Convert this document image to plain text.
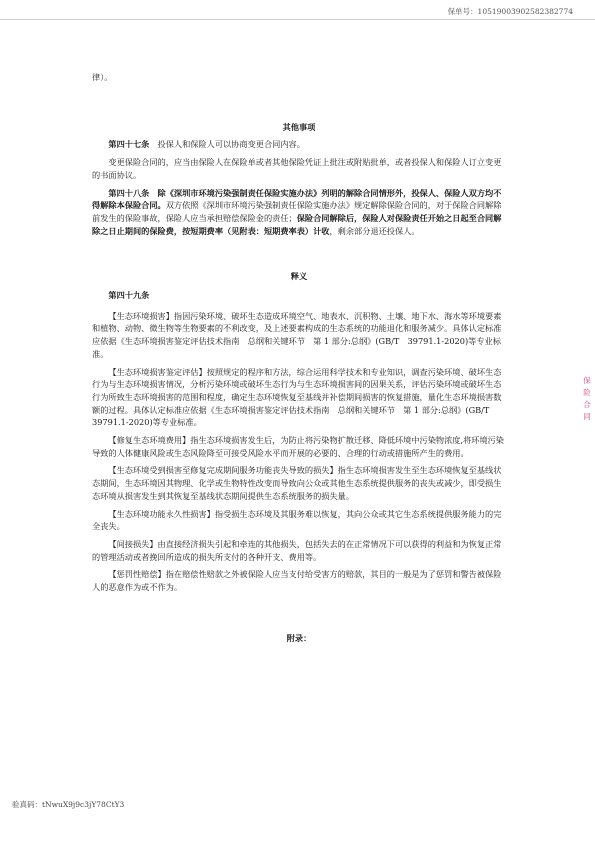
保单号：10519003902582382774
保
险
合
同

律）。

其他事项

第四十七条　投保人和保险人可以协商变更合同内容。

变更保险合同的，应当由保险人在保险单或者其他保险凭证上批注或附贴批单，或者投保人和保险人订立变更的书面协议。

第四十八条　除《深圳市环境污染强制责任保险实施办法》列明的解除合同情形外，投保人、保险人双方均不得解除本保险合同。双方依照《深圳市环境污染强制责任保险实施办法》规定解除保险合同的，对于保险合同解除前发生的保险事故，保险人应当承担赔偿保险金的责任；保险合同解除后，保险人对保险责任开始之日起至合同解除之日止期间的保险费，按短期费率（见附表：短期费率表）计收，剩余部分退还投保人。

释义

第四十九条

【生态环境损害】指因污染环境、破坏生态造成环境空气、地表水、沉积物、土壤、地下水、海水等环境要素和植物、动物、微生物等生物要素的不利改变，及上述要素构成的生态系统的功能退化和服务减少。具体认定标准应依据《生态环境损害鉴定评估技术指南　总纲和关键环节　第 1 部分:总纲》(GB/T　39791.1-2020)等专业标准。

【生态环境损害鉴定评估】按照规定的程序和方法，综合运用科学技术和专业知识，调查污染环境、破坏生态行为与生态环境损害情况，分析污染环境或破坏生态行为与生态环境损害间的因果关系，评估污染环境或破坏生态行为所致生态环境损害的范围和程度，确定生态环境恢复至基线并补偿期间损害的恢复措施，量化生态环境损害数额的过程。具体认定标准应依据《生态环境损害鉴定评估技术指南　总纲和关键环节　第 1 部分:总纲》(GB/T　39791.1-2020)等专业标准。

【修复生态环境费用】指生态环境损害发生后，为防止将污染物扩散迁移、降低环境中污染物浓度,将环境污染导致的人体健康风险或生态风险降至可接受风险水平而开展的必要的、合理的行动或措施所产生的费用。

【生态环境受到损害至修复完成期间服务功能丧失导致的损失】指生态环境损害发生至生态环境恢复至基线状态期间，生态环境因其物理、化学或生物特性改变而导致向公众或其他生态系统提供服务的丧失或减少，即受损生态环境从损害发生到其恢复至基线状态期间提供生态系统服务的损失量。

【生态环境功能永久性损害】指受损生态环境及其服务难以恢复，其向公众或其它生态系统提供服务能力的完全丧失。

【间接损失】由直接经济损失引起和牵连的其他损失，包括失去的在正常情况下可以获得的利益和为恢复正常的管理活动或者挽回所造成的损失所支付的各种开支、费用等。

【惩罚性赔偿】指在赔偿性赔款之外被保险人应当支付给受害方的赔款，其目的一般是为了惩罚和警告被保险人的恶意作为或不作为。

附录：

验真码：tNwuX9j9c3jY78CtY3
